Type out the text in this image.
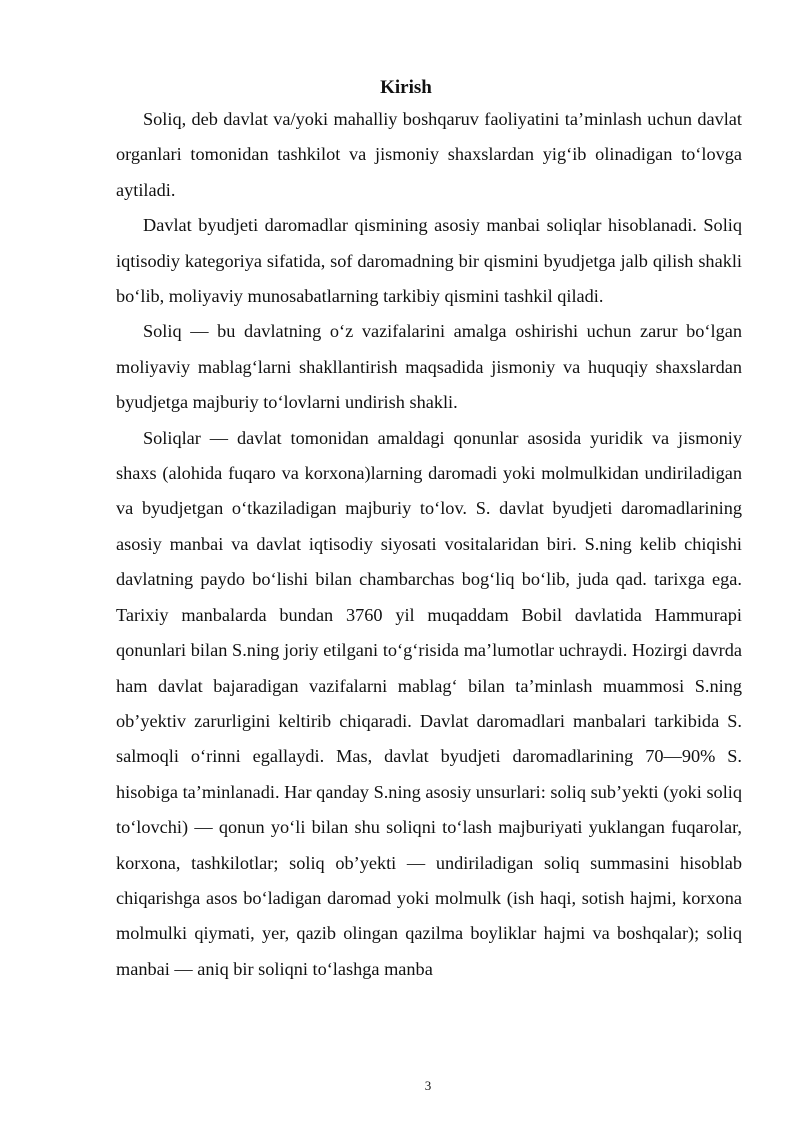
Kirish

Soliq, deb davlat va/yoki mahalliy boshqaruv faoliyatini ta’minlash uchun davlat organlari tomonidan tashkilot va jismoniy shaxslardan yig‘ib olinadigan to‘lovga aytiladi.

Davlat byudjeti daromadlar qismining asosiy manbai soliqlar hisoblanadi. Soliq iqtisodiy kategoriya sifatida, sof daromadning bir qismini byudjetga jalb qilish shakli bo‘lib, moliyaviy munosabatlarning tarkibiy qismini tashkil qiladi.

Soliq — bu davlatning o‘z vazifalarini amalga oshirishi uchun zarur bo‘lgan moliyaviy mablag‘larni shakllantirish maqsadida jismoniy va huquqiy shaxslardan byudjetga majburiy to‘lovlarni undirish shakli.

Soliqlar — davlat tomonidan amaldagi qonunlar asosida yuridik va jismoniy shaxs (alohida fuqaro va korxona)larning daromadi yoki molmulkidan undiriladigan va byudjetgan o‘tkaziladigan majburiy to‘lov. S. davlat byudjeti daromadlarining asosiy manbai va davlat iqtisodiy siyosati vositalaridan biri. S.ning kelib chiqishi davlatning paydo bo‘lishi bilan chambarchas bog‘liq bo‘lib, juda qad. tarixga ega. Tarixiy manbalarda bundan 3760 yil muqaddam Bobil davlatida Hammurapi qonunlari bilan S.ning joriy etilgani to‘g‘risida ma’lumotlar uchraydi. Hozirgi davrda ham davlat bajaradigan vazifalarni mablag‘ bilan ta’minlash muammosi S.ning ob’yektiv zarurligini keltirib chiqaradi. Davlat daromadlari manbalari tarkibida S. salmoqli o‘rinni egallaydi. Mas, davlat byudjeti daromadlarining 70—90% S. hisobiga ta’minlanadi. Har qanday S.ning asosiy unsurlari: soliq sub’yekti (yoki soliq to‘lovchi) — qonun yo‘li bilan shu soliqni to‘lash majburiyati yuklangan fuqarolar, korxona, tashkilotlar; soliq ob’yekti — undiriladigan soliq summasini hisoblab chiqarishga asos bo‘ladigan daromad yoki molmulk (ish haqi, sotish hajmi, korxona molmulki qiymati, yer, qazib olingan qazilma boyliklar hajmi va boshqalar); soliq manbai — aniq bir soliqni to‘lashga manba

3
